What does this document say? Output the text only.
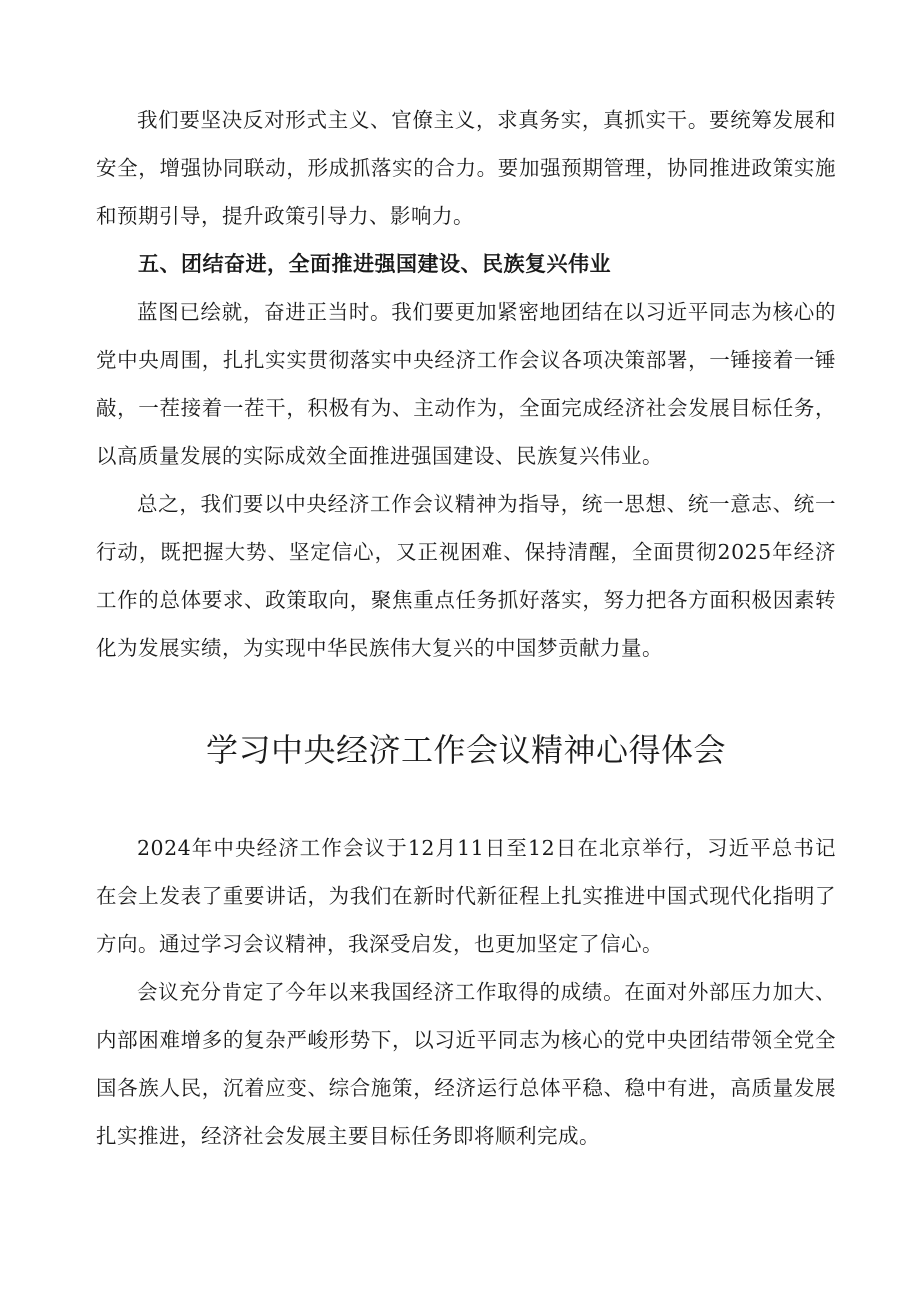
我们要坚决反对形式主义、官僚主义，求真务实，真抓实干。要统筹发展和安全，增强协同联动，形成抓落实的合力。要加强预期管理，协同推进政策实施和预期引导，提升政策引导力、影响力。

五、团结奋进，全面推进强国建设、民族复兴伟业

蓝图已绘就，奋进正当时。我们要更加紧密地团结在以习近平同志为核心的党中央周围，扎扎实实贯彻落实中央经济工作会议各项决策部署，一锤接着一锤敲，一茬接着一茬干，积极有为、主动作为，全面完成经济社会发展目标任务，以高质量发展的实际成效全面推进强国建设、民族复兴伟业。

总之，我们要以中央经济工作会议精神为指导，统一思想、统一意志、统一行动，既把握大势、坚定信心，又正视困难、保持清醒，全面贯彻2025年经济工作的总体要求、政策取向，聚焦重点任务抓好落实，努力把各方面积极因素转化为发展实绩，为实现中华民族伟大复兴的中国梦贡献力量。

学习中央经济工作会议精神心得体会

2024年中央经济工作会议于12月11日至12日在北京举行，习近平总书记在会上发表了重要讲话，为我们在新时代新征程上扎实推进中国式现代化指明了方向。通过学习会议精神，我深受启发，也更加坚定了信心。

会议充分肯定了今年以来我国经济工作取得的成绩。在面对外部压力加大、内部困难增多的复杂严峻形势下，以习近平同志为核心的党中央团结带领全党全国各族人民，沉着应变、综合施策，经济运行总体平稳、稳中有进，高质量发展扎实推进，经济社会发展主要目标任务即将顺利完成。
